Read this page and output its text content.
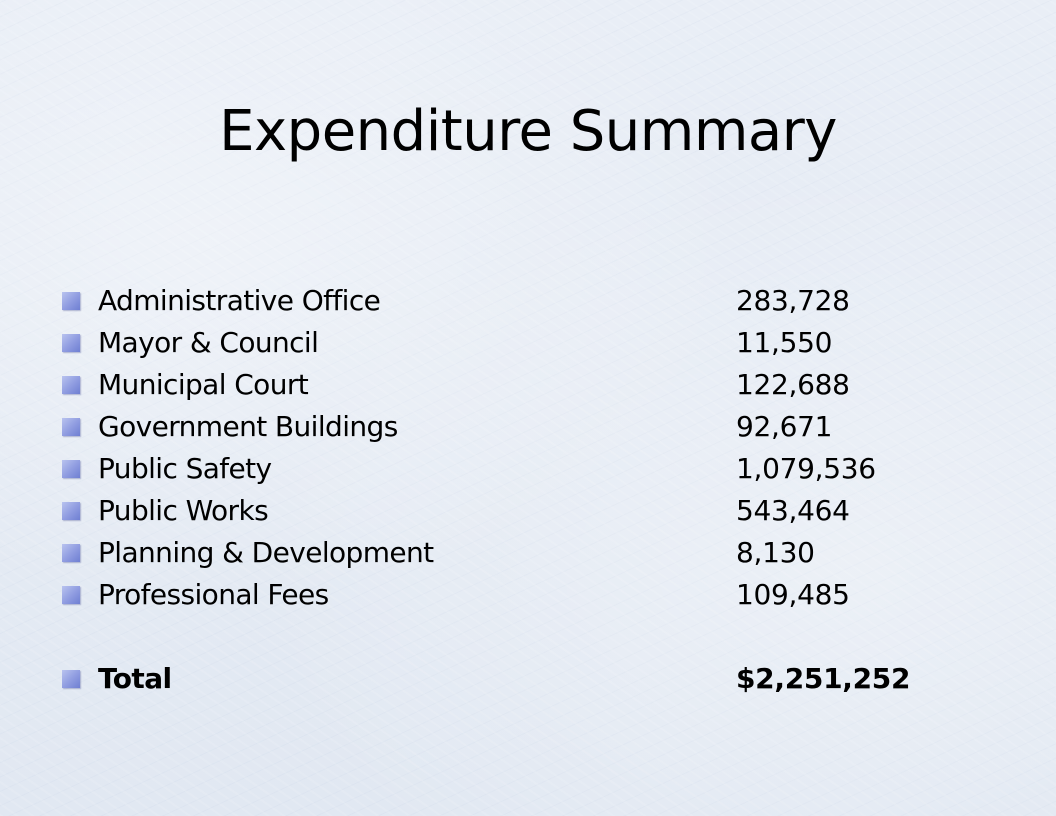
Expenditure Summary
Administrative Office	283,728
Mayor & Council	11,550
Municipal Court	122,688
Government Buildings	92,671
Public Safety	1,079,536
Public Works	543,464
Planning & Development	8,130
Professional Fees	109,485
Total	$2,251,252
